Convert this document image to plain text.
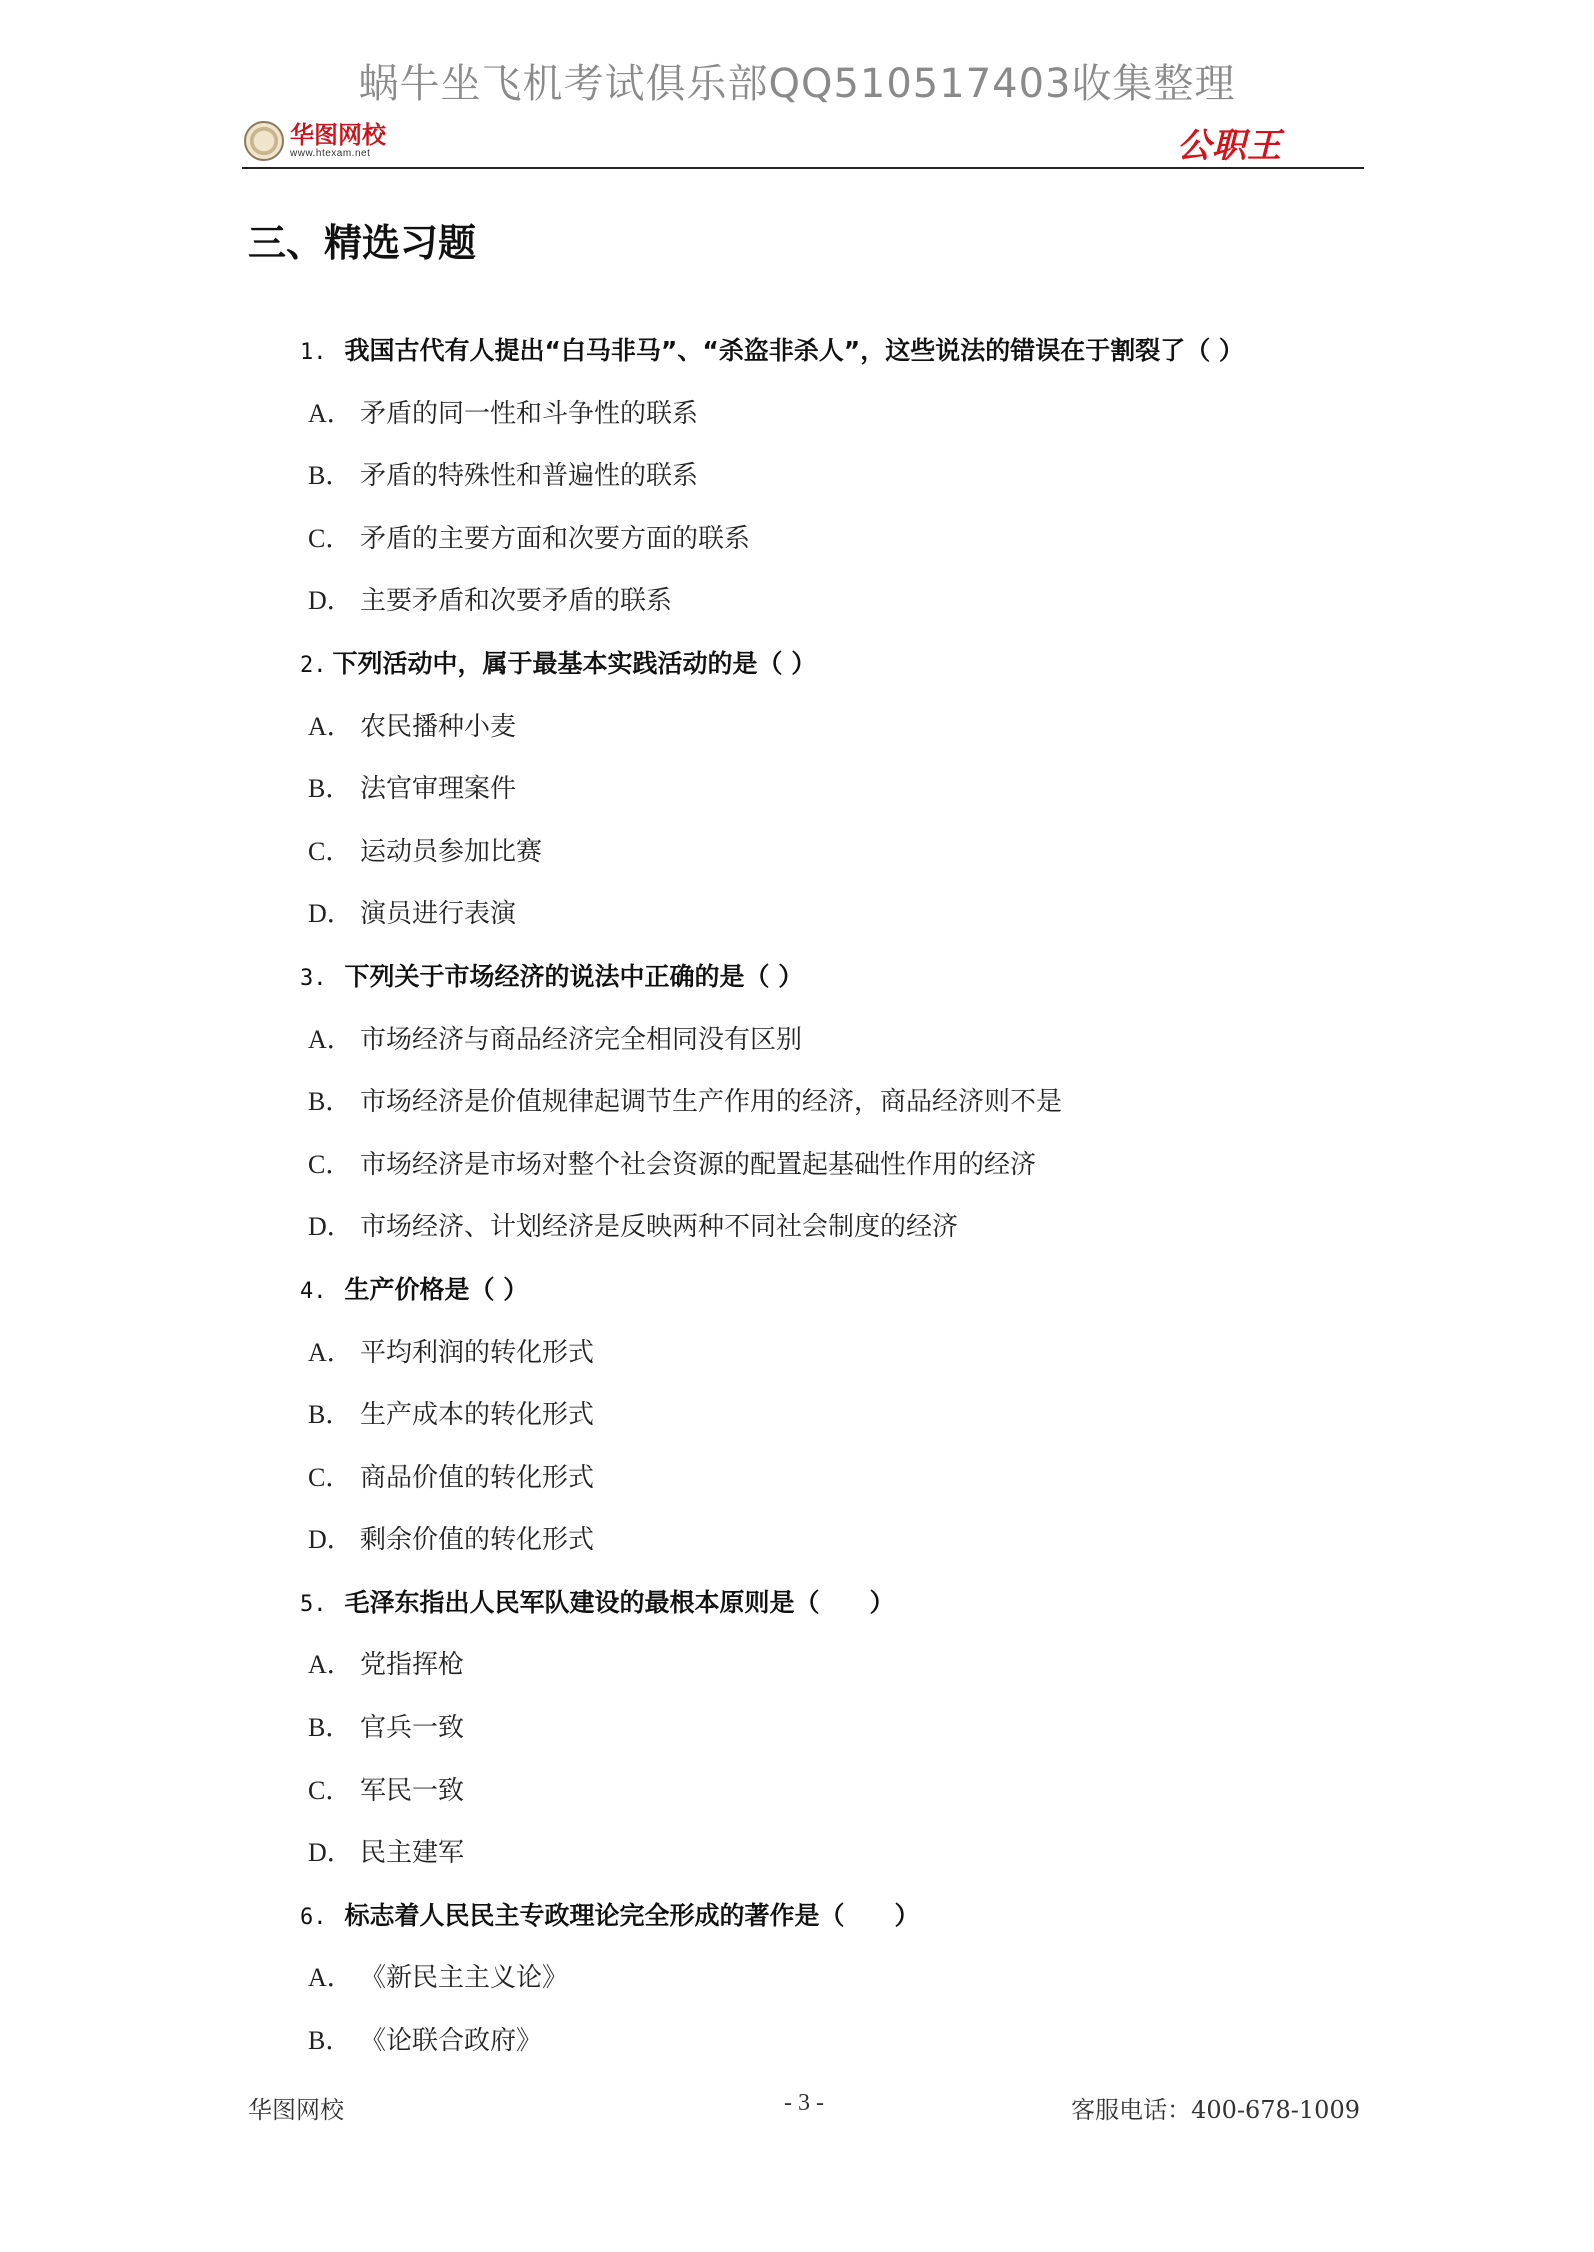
蜗牛坐飞机考试俱乐部QQ510517403收集整理
华图网校
www.htexam.net	公职王
三、精选习题
1. 我国古代有人提出“白马非马”、“杀盗非杀人”，这些说法的错误在于割裂了（ ）
A． 矛盾的同一性和斗争性的联系
B． 矛盾的特殊性和普遍性的联系
C． 矛盾的主要方面和次要方面的联系
D． 主要矛盾和次要矛盾的联系
2. 下列活动中，属于最基本实践活动的是（ ）
A． 农民播种小麦
B． 法官审理案件
C． 运动员参加比赛
D． 演员进行表演
3. 下列关于市场经济的说法中正确的是（ ）
A． 市场经济与商品经济完全相同没有区别
B． 市场经济是价值规律起调节生产作用的经济，商品经济则不是
C． 市场经济是市场对整个社会资源的配置起基础性作用的经济
D． 市场经济、计划经济是反映两种不同社会制度的经济
4. 生产价格是（ ）
A． 平均利润的转化形式
B． 生产成本的转化形式
C． 商品价值的转化形式
D． 剩余价值的转化形式
5. 毛泽东指出人民军队建设的最根本原则是（　　）
A． 党指挥枪
B． 官兵一致
C． 军民一致
D． 民主建军
6. 标志着人民民主专政理论完全形成的著作是（　　）
A． 《新民主主义论》
B． 《论联合政府》
华图网校	- 3 -	客服电话：400-678-1009
